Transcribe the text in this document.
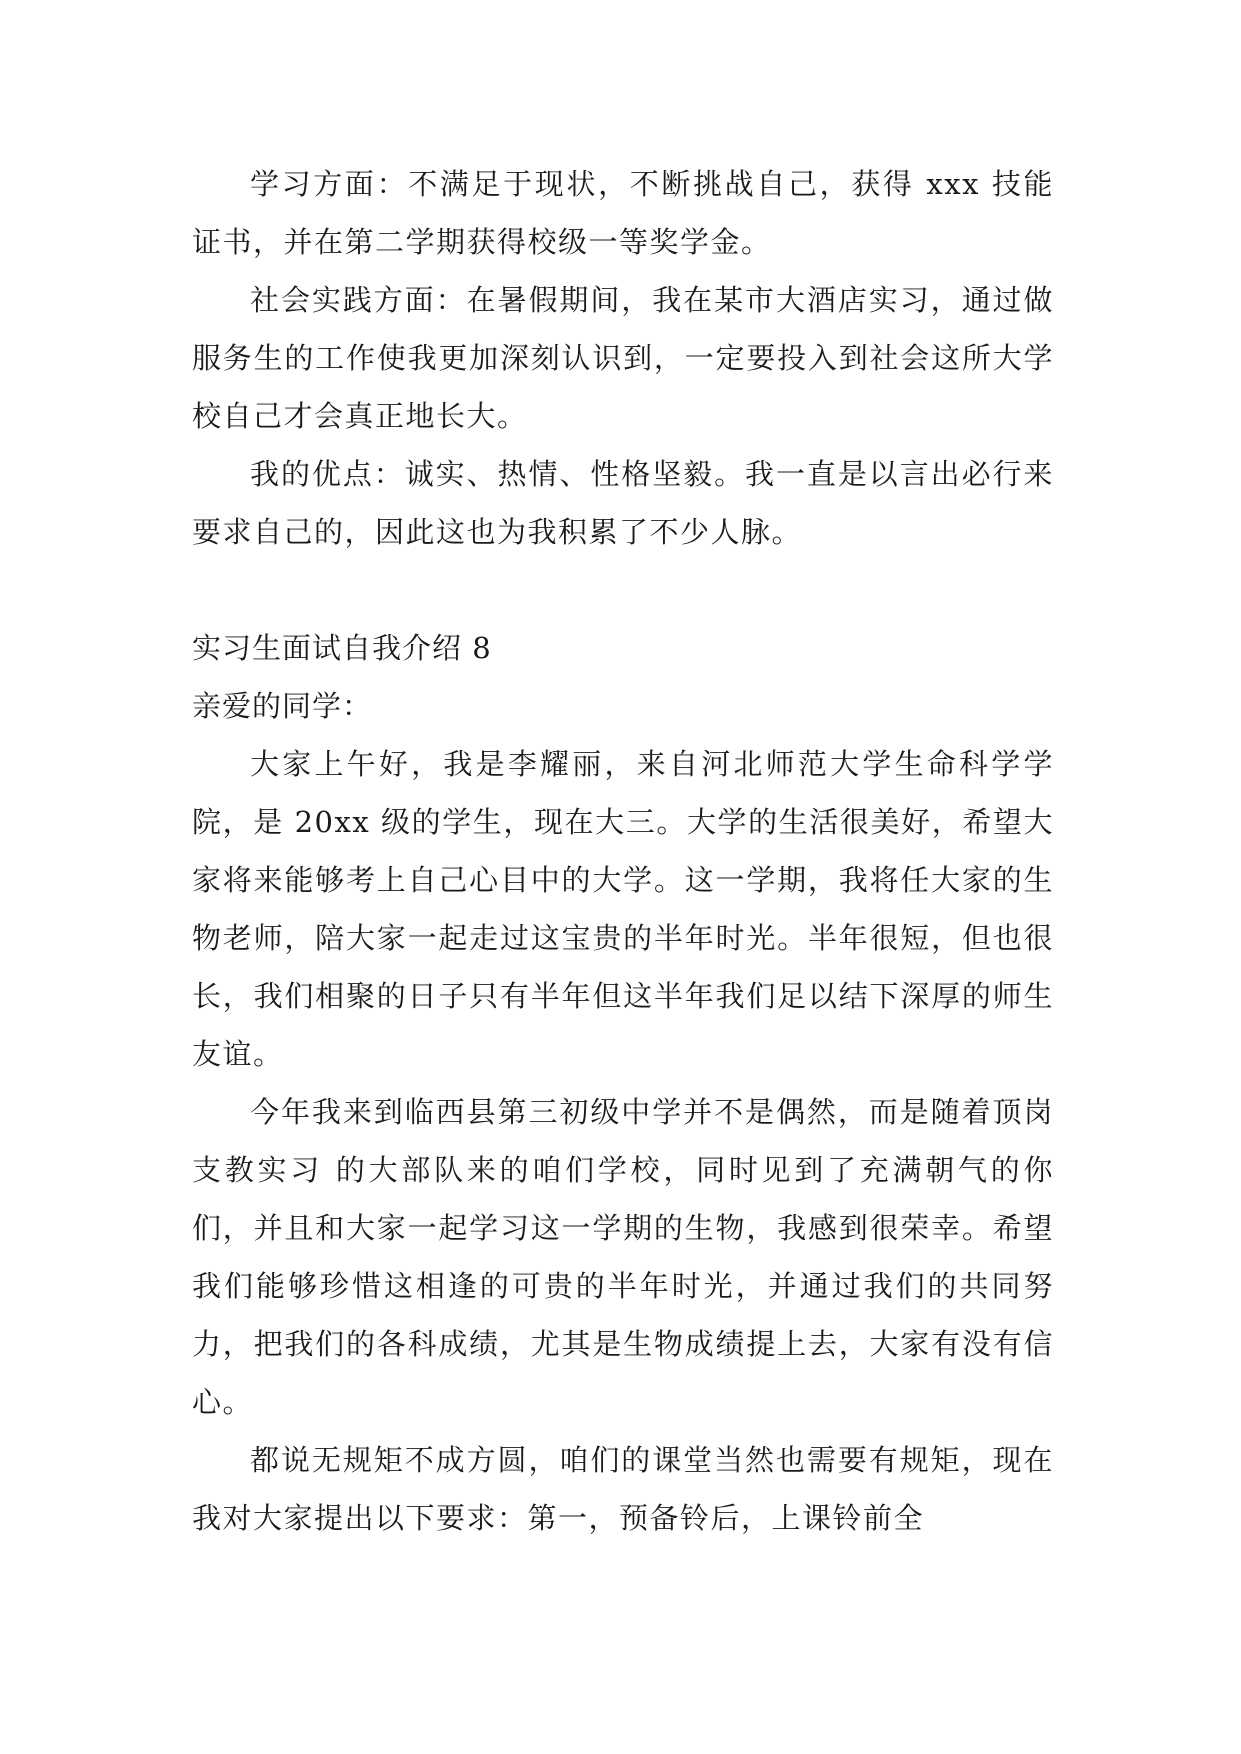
学习方面：不满足于现状，不断挑战自己，获得 xxx 技能证书，并在第二学期获得校级一等奖学金。

社会实践方面：在暑假期间，我在某市大酒店实习，通过做服务生的工作使我更加深刻认识到，一定要投入到社会这所大学校自己才会真正地长大。

我的优点：诚实、热情、性格坚毅。我一直是以言出必行来要求自己的，因此这也为我积累了不少人脉。

实习生面试自我介绍 8

亲爱的同学：

大家上午好，我是李耀丽，来自河北师范大学生命科学学院，是 20xx 级的学生，现在大三。大学的生活很美好，希望大家将来能够考上自己心目中的大学。这一学期，我将任大家的生物老师，陪大家一起走过这宝贵的半年时光。半年很短，但也很长，我们相聚的日子只有半年但这半年我们足以结下深厚的师生友谊。

今年我来到临西县第三初级中学并不是偶然，而是随着顶岗支教实习 的大部队来的咱们学校，同时见到了充满朝气的你们，并且和大家一起学习这一学期的生物，我感到很荣幸。希望我们能够珍惜这相逢的可贵的半年时光，并通过我们的共同努力，把我们的各科成绩，尤其是生物成绩提上去，大家有没有信心。

都说无规矩不成方圆，咱们的课堂当然也需要有规矩，现在我对大家提出以下要求：第一，预备铃后，上课铃前全
